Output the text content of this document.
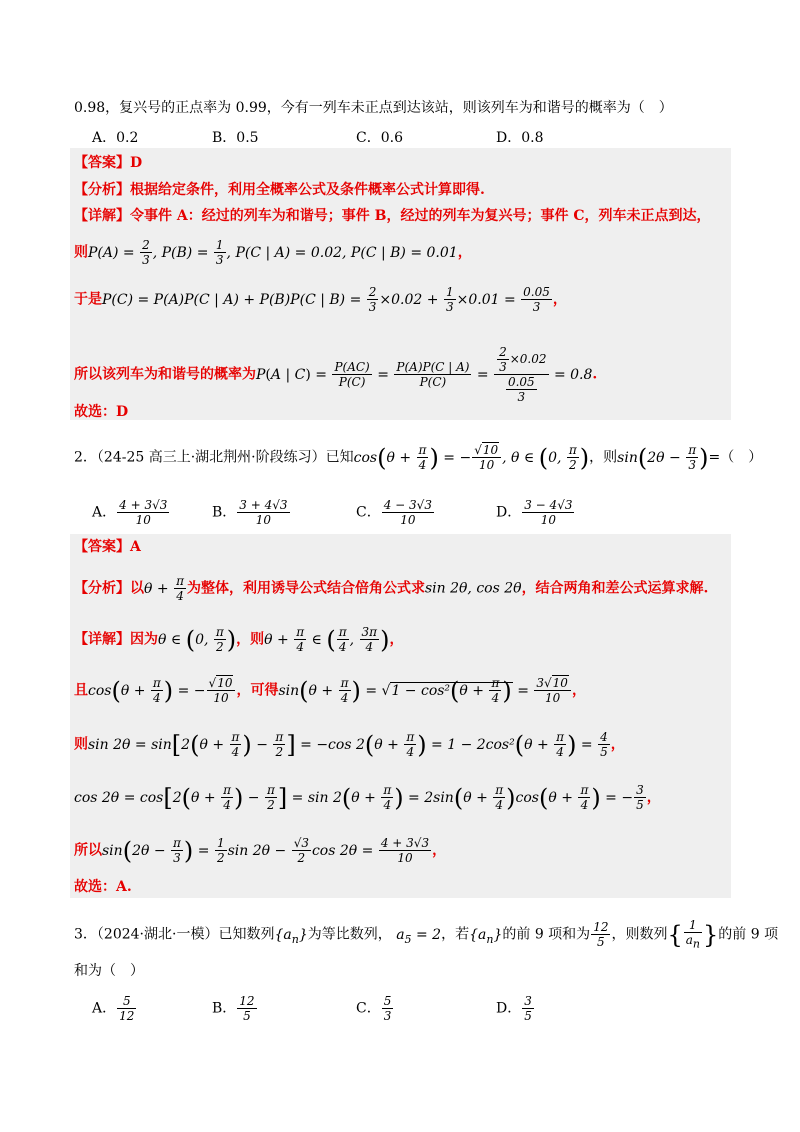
0.98，复兴号的正点率为 0.99，今有一列车未正点到达该站，则该列车为和谐号的概率为（　）
A．0.2	B．0.5	C．0.6	D．0.8
【答案】D
【分析】根据给定条件，利用全概率公式及条件概率公式计算即得.
【详解】令事件 A：经过的列车为和谐号；事件 B，经过的列车为复兴号；事件 C，列车未正点到达，
则$P(A) = \frac{2}{3}$ , $P(B) = \frac{1}{3}$ , P(C | A) = 0.02, P(C | B) = 0.01，
于是P(C) = P(A)P(C | A) + P(B)P(C | $B) = \frac{2}{3} \times 0.02 + \frac{1}{3} \times 0.01 = \frac{0.05}{3}$ ，
所以该列车为和谐号的概率为P(A | $C) = \frac{P(AC)}{P(C)} = \frac{P(A)P(C | A)}{P(C)} = \frac{\frac{2}{3} \times 0.02}{\frac{0.05}{3}} = 0.8$.
故选：D
2．（24-25 高三上·湖北荆州·阶段练习）已知$\cos(\theta + \frac{\pi}{4}$ ) = − $\frac{√10}{10}$ , θ ∈ (0, $\frac{\pi}{2}$ )，则$\sin(2\theta - \frac{\pi}{3}$ )=（　）
A． $\frac{4 + 3√3}{10}$	B． $\frac{3 + 4√3}{10}$	C． $\frac{4 - 3√3}{10}$	D． $\frac{3 - 4√3}{10}$
【答案】A
【分析】以$\theta + \frac{\pi}{4}$ 为整体，利用诱导公式结合倍角公式求sin 2θ, cos 2θ，结合两角和差公式运算求解.
【详解】因为θ ∈ (0, $\frac{\pi}{2}$ )，则$\theta + \frac{\pi}{4}$ ∈ ( $\frac{\pi}{4}$ , $\frac{3\pi}{4}$ )，
且$\cos(\theta + \frac{\pi}{4}$ ) = − $\frac{√10}{10}$ ，可得$\sin(\theta + \frac{\pi}{4}$ ) = $√1 - \cos^2(\theta + \frac{\pi}{4}$ ) = $\frac{3√10}{10}$ ，
则$\sin 2\theta = \sin[2(\theta + \frac{\pi}{4}$ ) − $\frac{\pi}{2}$ ] = −cos $2(\theta + \frac{\pi}{4}$ ) = $1 - 2\cos^2(\theta + \frac{\pi}{4}$ ) = $\frac{4}{5}$ ，
$\cos 2\theta = \cos[2(\theta + \frac{\pi}{4}$ ) − $\frac{\pi}{2}$ ] = $\sin 2(\theta + \frac{\pi}{4}$ ) = $2\sin(\theta + \frac{\pi}{4} )\cos(\theta + \frac{\pi}{4}$ ) = − $\frac{3}{5}$ ，
所以$\sin(2\theta - \frac{\pi}{3}$ ) = $\frac{1}{2}$ $\sin 2\theta - \frac{√3}{2}$ $\cos 2\theta = \frac{4 + 3√3}{10}$ ，
故选：A.
3．（2024·湖北·一模）已知数列$\{a_n\}$为等比数列， $a_5 = 2$，若$\{a_n\}$的前 9 项和为 $\frac{12}{5}$ ，则数列{ $\frac{1}{a_n}$ }的前 9 项
和为（　）
A． $\frac{5}{12}$	B． $\frac{12}{5}$	C． $\frac{5}{3}$	D． $\frac{3}{5}$
